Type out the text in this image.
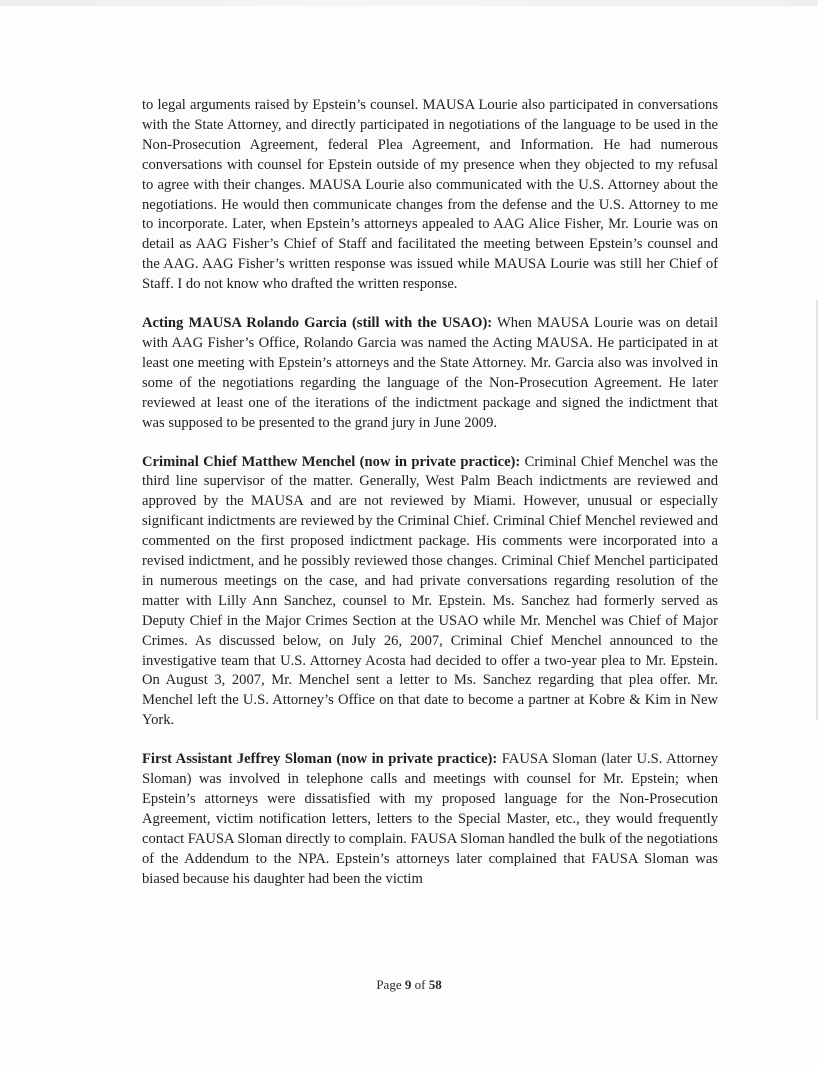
to legal arguments raised by Epstein’s counsel. MAUSA Lourie also participated in conversations with the State Attorney, and directly participated in negotiations of the language to be used in the Non-Prosecution Agreement, federal Plea Agreement, and Information. He had numerous conversations with counsel for Epstein outside of my presence when they objected to my refusal to agree with their changes. MAUSA Lourie also communicated with the U.S. Attorney about the negotiations. He would then communicate changes from the defense and the U.S. Attorney to me to incorporate. Later, when Epstein’s attorneys appealed to AAG Alice Fisher, Mr. Lourie was on detail as AAG Fisher’s Chief of Staff and facilitated the meeting between Epstein’s counsel and the AAG. AAG Fisher’s written response was issued while MAUSA Lourie was still her Chief of Staff. I do not know who drafted the written response.

Acting MAUSA Rolando Garcia (still with the USAO): When MAUSA Lourie was on detail with AAG Fisher’s Office, Rolando Garcia was named the Acting MAUSA. He participated in at least one meeting with Epstein’s attorneys and the State Attorney. Mr. Garcia also was involved in some of the negotiations regarding the language of the Non-Prosecution Agreement. He later reviewed at least one of the iterations of the indictment package and signed the indictment that was supposed to be presented to the grand jury in June 2009.

Criminal Chief Matthew Menchel (now in private practice): Criminal Chief Menchel was the third line supervisor of the matter. Generally, West Palm Beach indictments are reviewed and approved by the MAUSA and are not reviewed by Miami. However, unusual or especially significant indictments are reviewed by the Criminal Chief. Criminal Chief Menchel reviewed and commented on the first proposed indictment package. His comments were incorporated into a revised indictment, and he possibly reviewed those changes. Criminal Chief Menchel participated in numerous meetings on the case, and had private conversations regarding resolution of the matter with Lilly Ann Sanchez, counsel to Mr. Epstein. Ms. Sanchez had formerly served as Deputy Chief in the Major Crimes Section at the USAO while Mr. Menchel was Chief of Major Crimes. As discussed below, on July 26, 2007, Criminal Chief Menchel announced to the investigative team that U.S. Attorney Acosta had decided to offer a two-year plea to Mr. Epstein. On August 3, 2007, Mr. Menchel sent a letter to Ms. Sanchez regarding that plea offer. Mr. Menchel left the U.S. Attorney’s Office on that date to become a partner at Kobre & Kim in New York.

First Assistant Jeffrey Sloman (now in private practice): FAUSA Sloman (later U.S. Attorney Sloman) was involved in telephone calls and meetings with counsel for Mr. Epstein; when Epstein’s attorneys were dissatisfied with my proposed language for the Non-Prosecution Agreement, victim notification letters, letters to the Special Master, etc., they would frequently contact FAUSA Sloman directly to complain. FAUSA Sloman handled the bulk of the negotiations of the Addendum to the NPA. Epstein’s attorneys later complained that FAUSA Sloman was biased because his daughter had been the victim

Page 9 of 58
